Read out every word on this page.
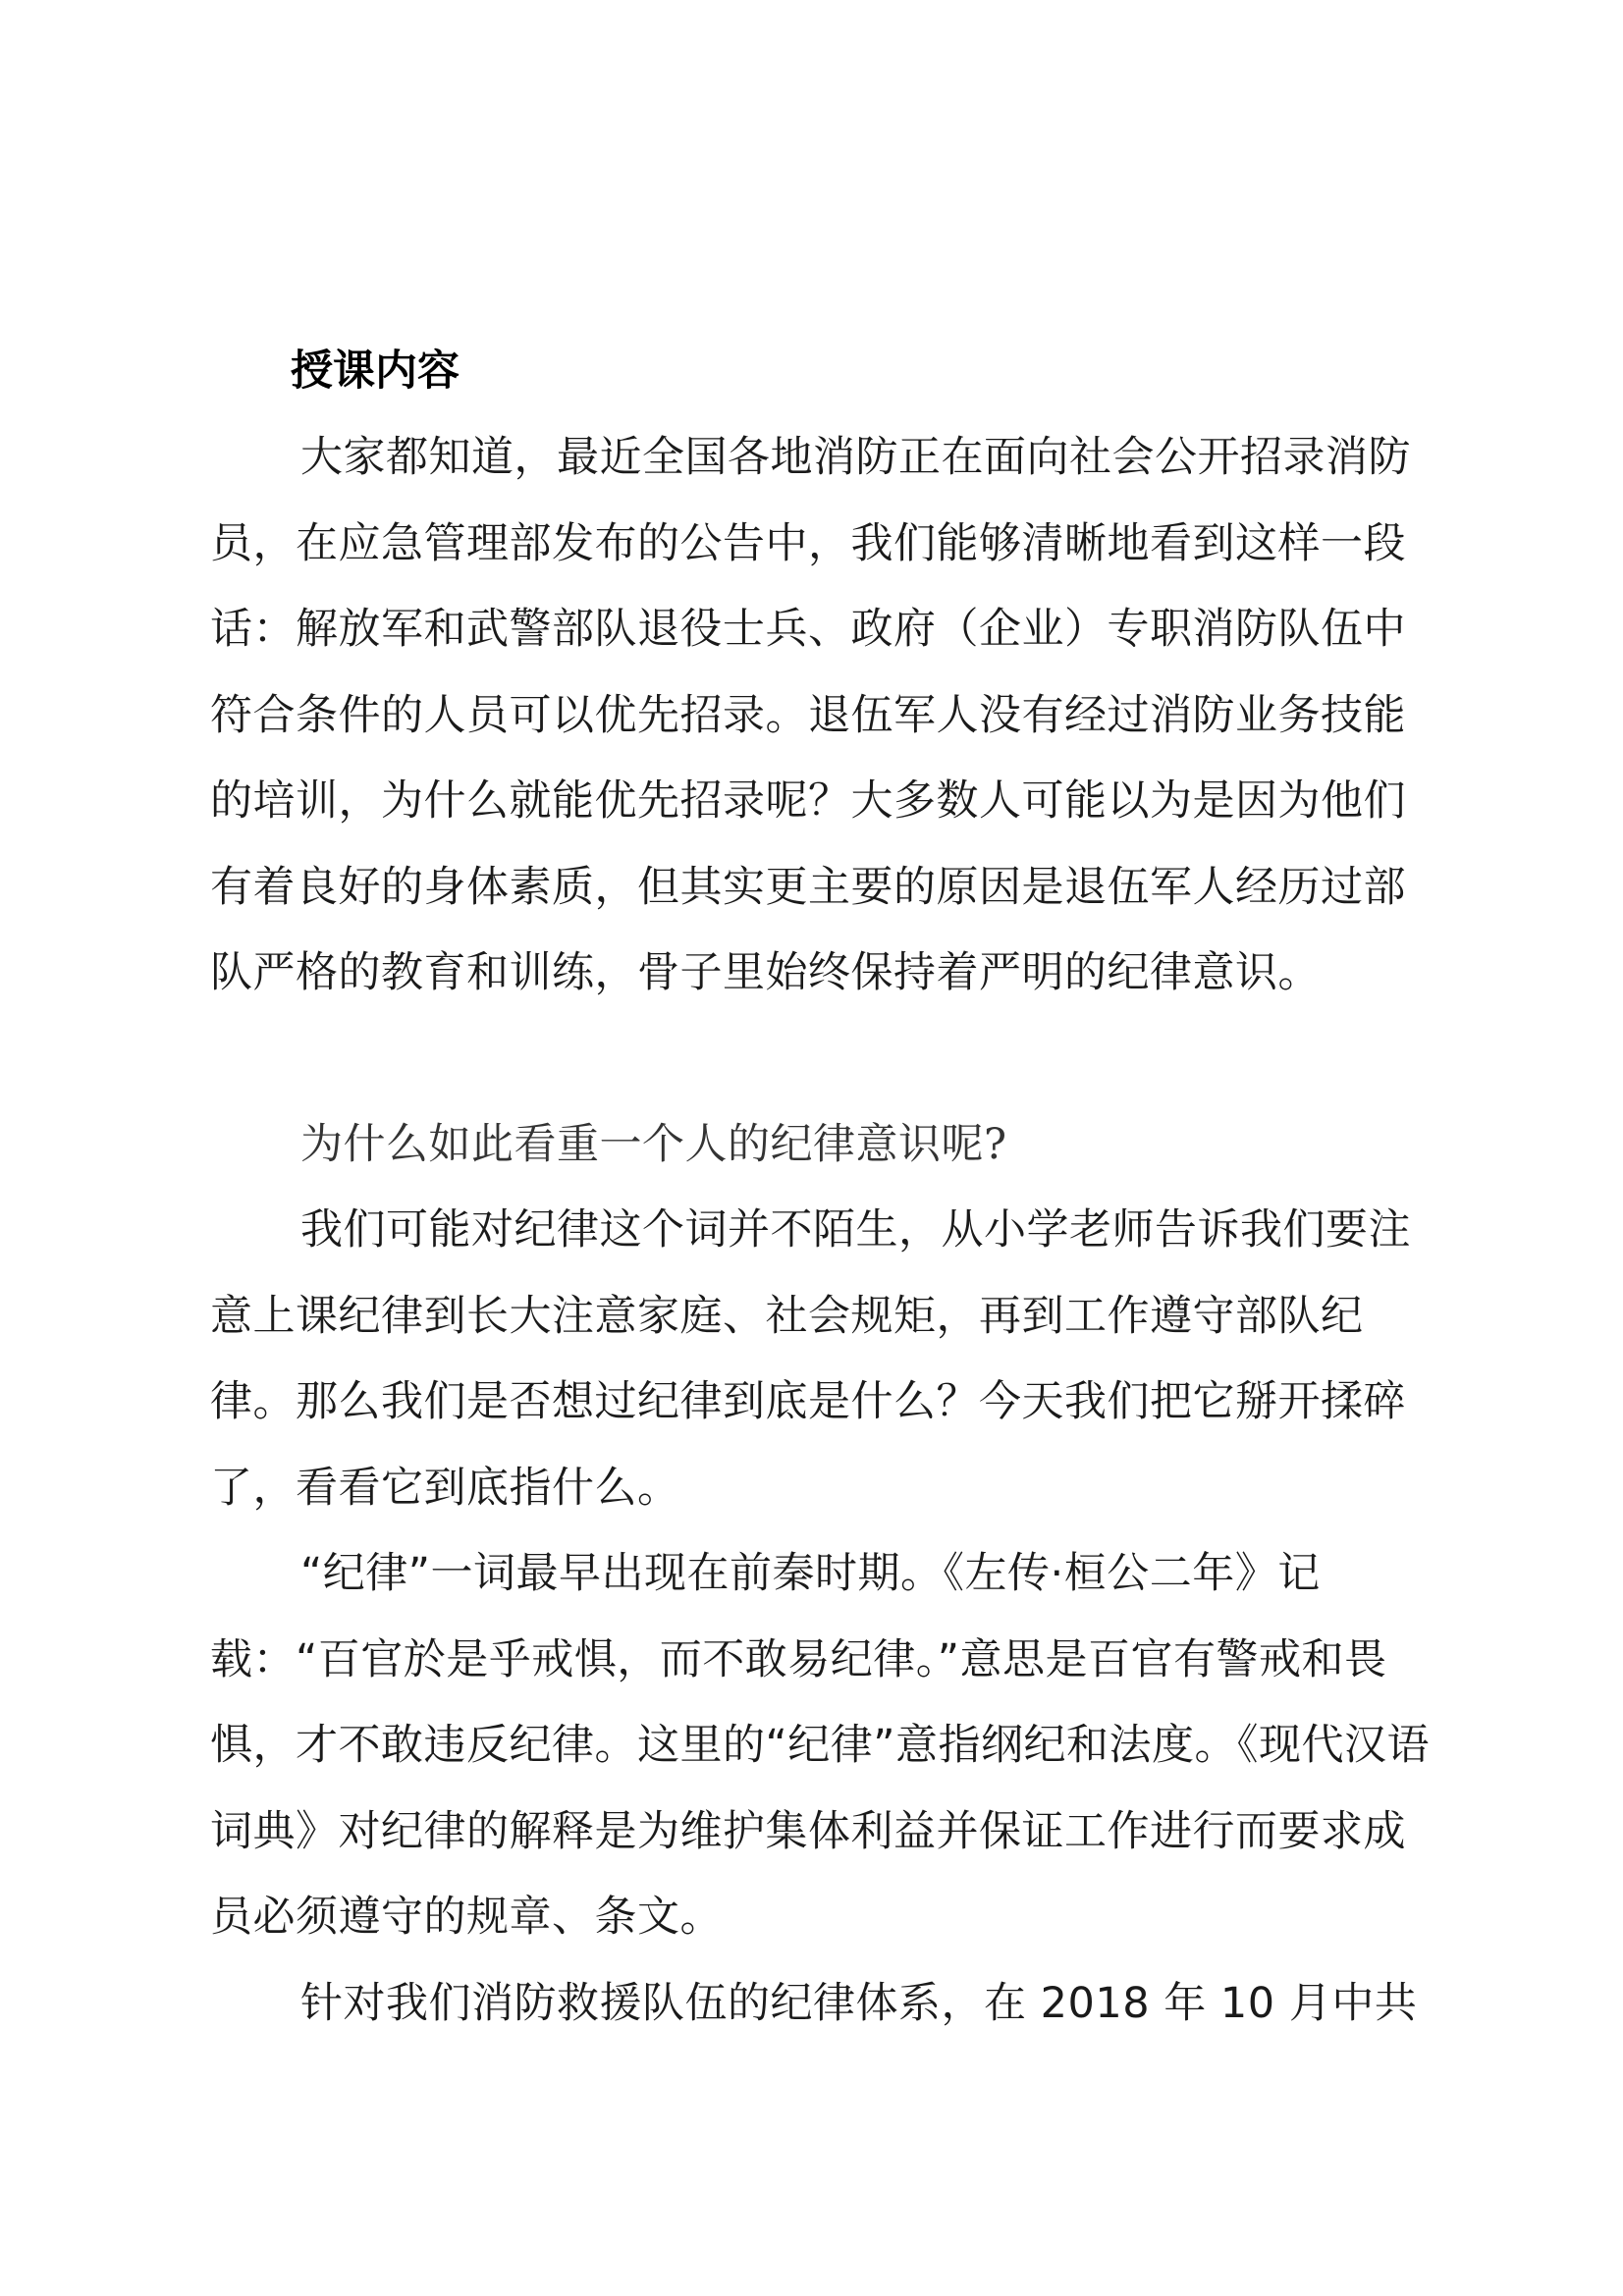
授课内容

大家都知道，最近全国各地消防正在面向社会公开招录消防员，在应急管理部发布的公告中，我们能够清晰地看到这样一段话：解放军和武警部队退役士兵、政府（企业）专职消防队伍中符合条件的人员可以优先招录。退伍军人没有经过消防业务技能的培训，为什么就能优先招录呢？大多数人可能以为是因为他们有着良好的身体素质，但其实更主要的原因是退伍军人经历过部队严格的教育和训练，骨子里始终保持着严明的纪律意识。

为什么如此看重一个人的纪律意识呢?

我们可能对纪律这个词并不陌生，从小学老师告诉我们要注意上课纪律到长大注意家庭、社会规矩，再到工作遵守部队纪律。那么我们是否想过纪律到底是什么？今天我们把它掰开揉碎了，看看它到底指什么。

“纪律”一词最早出现在前秦时期。《左传·桓公二年》记载：“百官於是乎戒惧，而不敢易纪律。”意思是百官有警戒和畏惧，才不敢违反纪律。这里的“纪律”意指纲纪和法度。《现代汉语词典》对纪律的解释是为维护集体利益并保证工作进行而要求成员必须遵守的规章、条文。

针对我们消防救援队伍的纪律体系，在 2018 年 10 月中共
